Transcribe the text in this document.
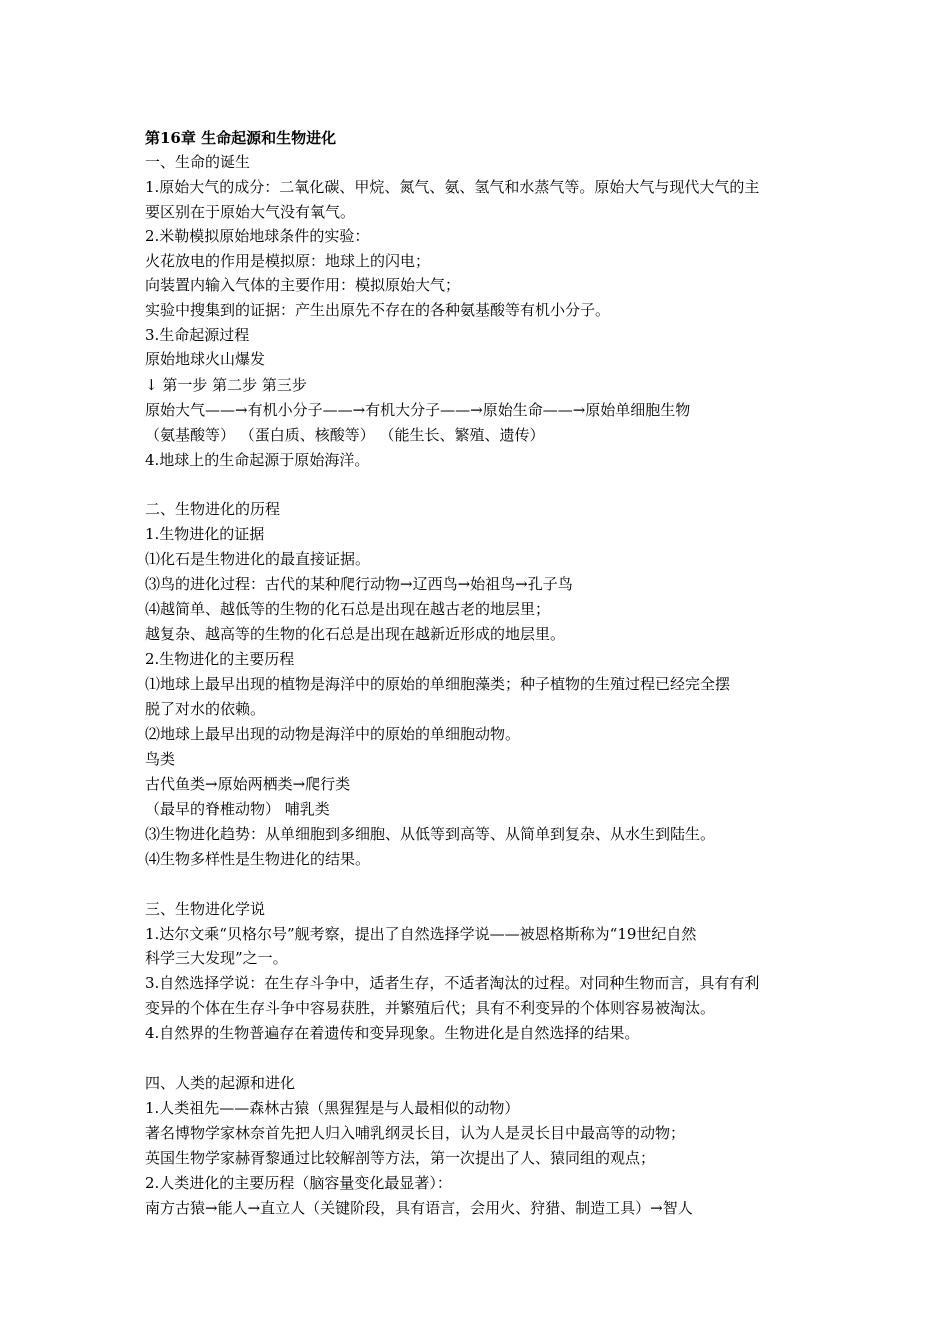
第16章 生命起源和生物进化
一、生命的诞生
1.原始大气的成分：二氧化碳、甲烷、氮气、氨、氢气和水蒸气等。原始大气与现代大气的主
要区别在于原始大气没有氧气。
2.米勒模拟原始地球条件的实验：
火花放电的作用是模拟原：地球上的闪电；
向装置内输入气体的主要作用：模拟原始大气；
实验中搜集到的证据：产生出原先不存在的各种氨基酸等有机小分子。
3.生命起源过程
原始地球火山爆发
↓ 第一步 第二步 第三步
原始大气——→有机小分子——→有机大分子——→原始生命——→原始单细胞生物
（氨基酸等） （蛋白质、核酸等） （能生长、繁殖、遗传）
4.地球上的生命起源于原始海洋。
二、生物进化的历程
1.生物进化的证据
⑴化石是生物进化的最直接证据。
⑶鸟的进化过程：古代的某种爬行动物→辽西鸟→始祖鸟→孔子鸟
⑷越简单、越低等的生物的化石总是出现在越古老的地层里；
越复杂、越高等的生物的化石总是出现在越新近形成的地层里。
2.生物进化的主要历程
⑴地球上最早出现的植物是海洋中的原始的单细胞藻类；种子植物的生殖过程已经完全摆
脱了对水的依赖。
⑵地球上最早出现的动物是海洋中的原始的单细胞动物。
鸟类
古代鱼类→原始两栖类→爬行类
（最早的脊椎动物） 哺乳类
⑶生物进化趋势：从单细胞到多细胞、从低等到高等、从简单到复杂、从水生到陆生。
⑷生物多样性是生物进化的结果。
三、生物进化学说
1.达尔文乘“贝格尔号”舰考察，提出了自然选择学说——被恩格斯称为“19世纪自然
科学三大发现”之一。
3.自然选择学说：在生存斗争中，适者生存，不适者淘汰的过程。对同种生物而言，具有有利
变异的个体在生存斗争中容易获胜，并繁殖后代；具有不利变异的个体则容易被淘汰。
4.自然界的生物普遍存在着遗传和变异现象。生物进化是自然选择的结果。
四、人类的起源和进化
1.人类祖先——森林古猿（黑猩猩是与人最相似的动物）
著名博物学家林奈首先把人归入哺乳纲灵长目，认为人是灵长目中最高等的动物；
英国生物学家赫胥黎通过比较解剖等方法，第一次提出了人、猿同组的观点；
2.人类进化的主要历程（脑容量变化最显著）：
南方古猿→能人→直立人（关键阶段，具有语言，会用火、狩猎、制造工具）→智人
